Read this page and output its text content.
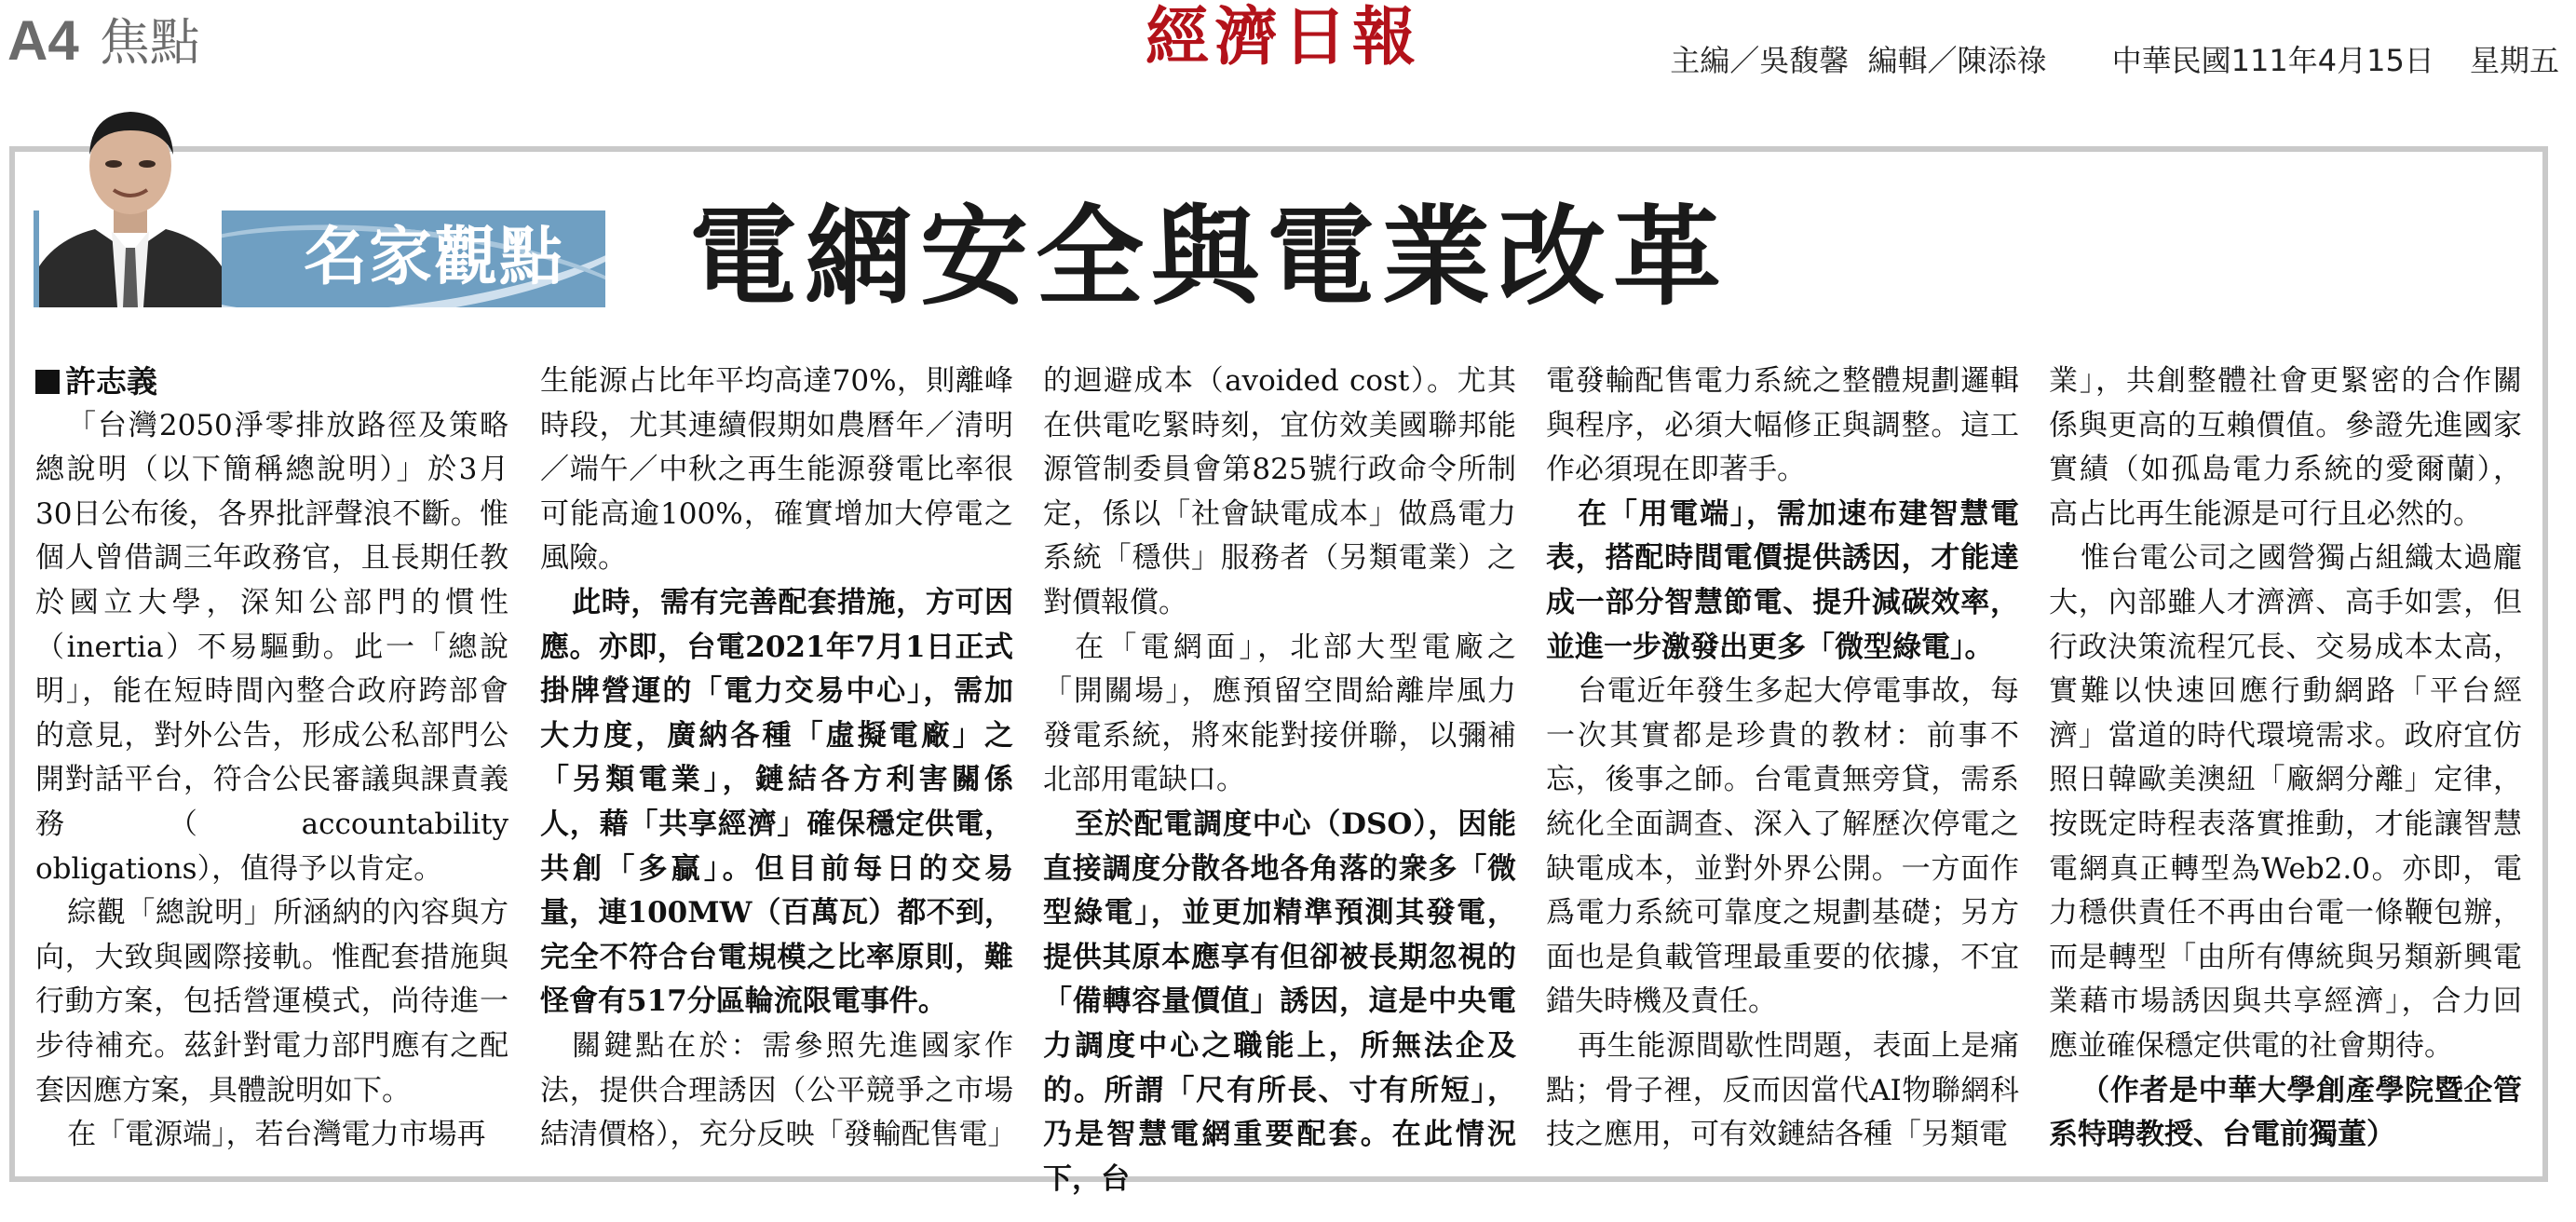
A4 焦點	經濟日報	主編／吳馥馨 編輯／陳添祿 中華民國111年4月15日 星期五
名家觀點 電網安全與電業改革

許志義

「台灣2050淨零排放路徑及策略總說明（以下簡稱總說明）」於3月30日公布後，各界批評聲浪不斷。惟個人曾借調三年政務官，且長期任教於國立大學，深知公部門的慣性（inertia）不易驅動。此一「總說明」，能在短時間內整合政府跨部會的意見，對外公告，形成公私部門公開對話平台，符合公民審議與課責義務（accountability obligations），值得予以肯定。

綜觀「總說明」所涵納的內容與方向，大致與國際接軌。惟配套措施與行動方案，包括營運模式，尚待進一步待補充。茲針對電力部門應有之配套因應方案，具體說明如下。

在「電源端」，若台灣電力市場再

生能源占比年平均高達70%，則離峰時段，尤其連續假期如農曆年／清明／端午／中秋之再生能源發電比率很可能高逾100%，確實增加大停電之風險。

此時，需有完善配套措施，方可因應。亦即，台電2021年7月1日正式掛牌營運的「電力交易中心」，需加大力度，廣納各種「虛擬電廠」之「另類電業」，鏈結各方利害關係人，藉「共享經濟」確保穩定供電，共創「多贏」。但目前每日的交易量，連100MW（百萬瓦）都不到，完全不符合台電規模之比率原則，難怪會有517分區輪流限電事件。

關鍵點在於：需參照先進國家作法，提供合理誘因（公平競爭之市場結清價格），充分反映「發輸配售電」

的迴避成本（avoided cost）。尤其在供電吃緊時刻，宜仿效美國聯邦能源管制委員會第825號行政命令所制定，係以「社會缺電成本」做爲電力系統「穩供」服務者（另類電業）之對價報償。

在「電網面」，北部大型電廠之「開關場」，應預留空間給離岸風力發電系統，將來能對接併聯，以彌補北部用電缺口。

至於配電調度中心（DSO），因能直接調度分散各地各角落的衆多「微型綠電」，並更加精準預測其發電，提供其原本應享有但卻被長期忽視的「備轉容量價值」誘因，這是中央電力調度中心之職能上，所無法企及的。所謂「尺有所長、寸有所短」，乃是智慧電網重要配套。在此情況下，台

電發輸配售電力系統之整體規劃邏輯與程序，必須大幅修正與調整。這工作必須現在即著手。

在「用電端」，需加速布建智慧電表，搭配時間電價提供誘因，才能達成一部分智慧節電、提升減碳效率，並進一步激發出更多「微型綠電」。

台電近年發生多起大停電事故，每一次其實都是珍貴的教材：前事不忘，後事之師。台電責無旁貸，需系統化全面調查、深入了解歷次停電之缺電成本，並對外界公開。一方面作爲電力系統可靠度之規劃基礎；另方面也是負載管理最重要的依據，不宜錯失時機及責任。

再生能源間歇性問題，表面上是痛點；骨子裡，反而因當代AI物聯網科技之應用，可有效鏈結各種「另類電

業」，共創整體社會更緊密的合作關係與更高的互賴價值。參證先進國家實績（如孤島電力系統的愛爾蘭），高占比再生能源是可行且必然的。

惟台電公司之國營獨占組織太過龐大，內部雖人才濟濟、高手如雲，但行政決策流程冗長、交易成本太高，實難以快速回應行動網路「平台經濟」當道的時代環境需求。政府宜仿照日韓歐美澳紐「廠網分離」定律，按既定時程表落實推動，才能讓智慧電網真正轉型為Web2.0。亦即，電力穩供責任不再由台電一條鞭包辦，而是轉型「由所有傳統與另類新興電業藉市場誘因與共享經濟」，合力回應並確保穩定供電的社會期待。

（作者是中華大學創產學院暨企管系特聘教授、台電前獨董）
